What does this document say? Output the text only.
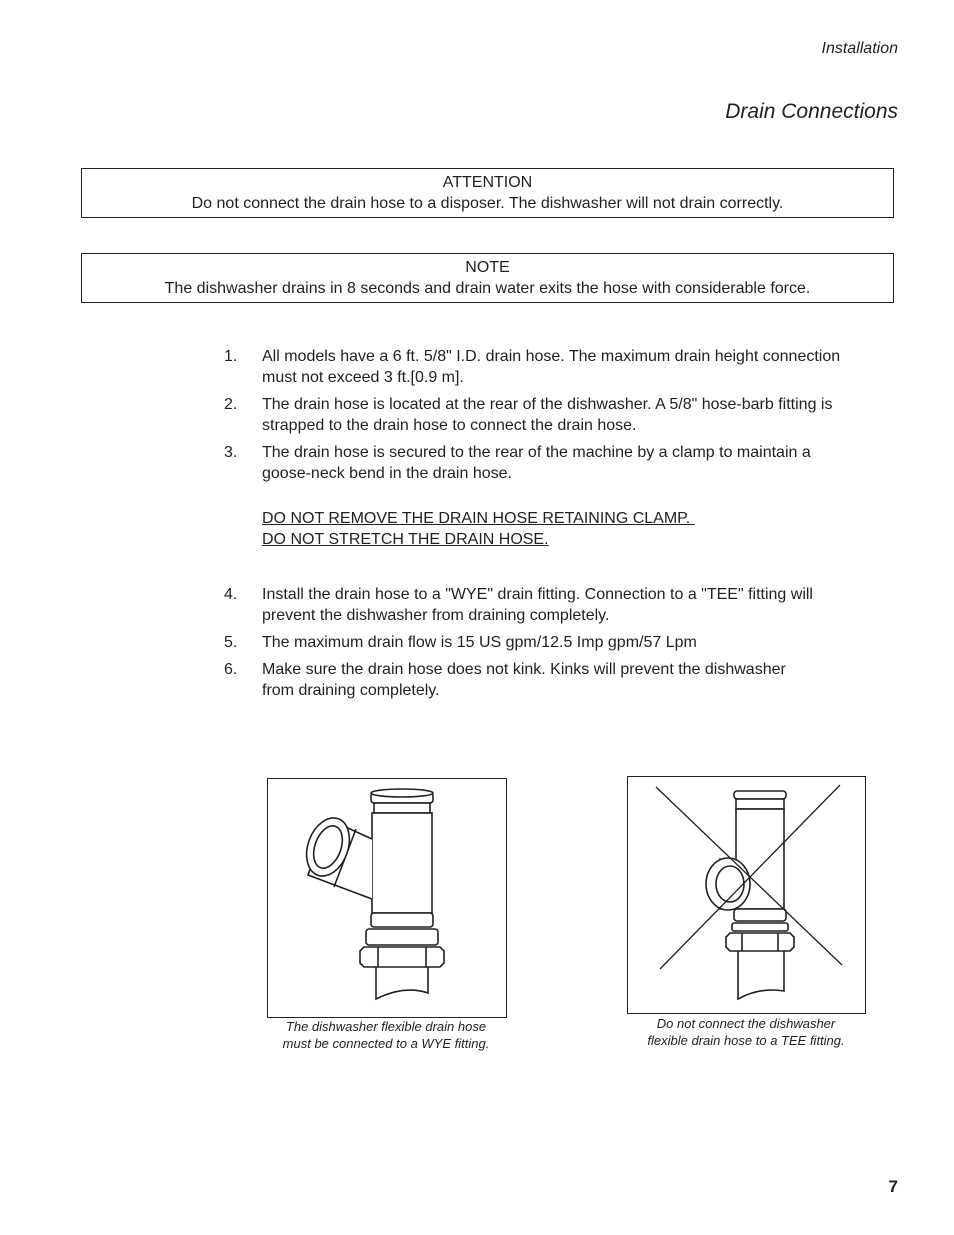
Installation
Drain Connections
ATTENTION
Do not connect the drain hose to a disposer. The dishwasher will not drain correctly.
NOTE
The dishwasher drains in 8 seconds and drain water exits the hose with considerable force.
1. All models have a 6 ft. 5/8" I.D. drain hose. The maximum drain height connection
must not exceed 3 ft.[0.9 m].
2. The drain hose is located at the rear of the dishwasher. A 5/8" hose-barb fitting is
strapped to the drain hose to connect the drain hose.
3. The drain hose is secured to the rear of the machine by a clamp to maintain a
goose-neck bend in the drain hose.
DO NOT REMOVE THE DRAIN HOSE RETAINING CLAMP.
DO NOT STRETCH THE DRAIN HOSE.
4. Install the drain hose to a "WYE" drain fitting. Connection to a "TEE" fitting will
prevent the dishwasher from draining completely.
5. The maximum drain flow is 15 US gpm/12.5 Imp gpm/57 Lpm
6. Make sure the drain hose does not kink. Kinks will prevent the dishwasher
from draining completely.
The dishwasher flexible drain hose
must be connected to a WYE fitting.
Do not connect the dishwasher
flexible drain hose to a TEE fitting.
7
